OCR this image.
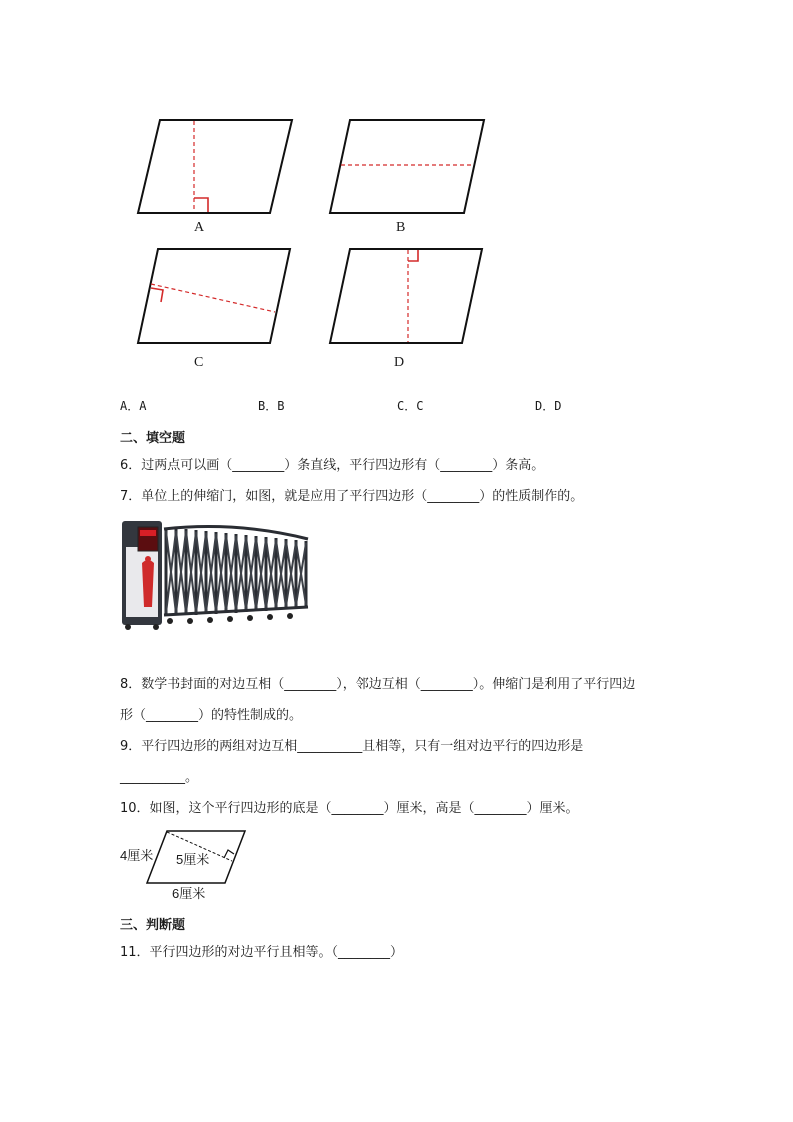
A	B
C	D
A．A	B．B	C．C	D．D
二、填空题
6．过两点可以画（________）条直线，平行四边形有（________）条高。
7．单位上的伸缩门，如图，就是应用了平行四边形（________）的性质制作的。
8．数学书封面的对边互相（________），邻边互相（________）。伸缩门是利用了平行四边
形（________）的特性制成的。
9．平行四边形的两组对边互相__________且相等，只有一组对边平行的四边形是
__________。
10．如图，这个平行四边形的底是（________）厘米，高是（________）厘米。
4厘米 5厘米
6厘米
三、判断题
11．平行四边形的对边平行且相等。（________）
